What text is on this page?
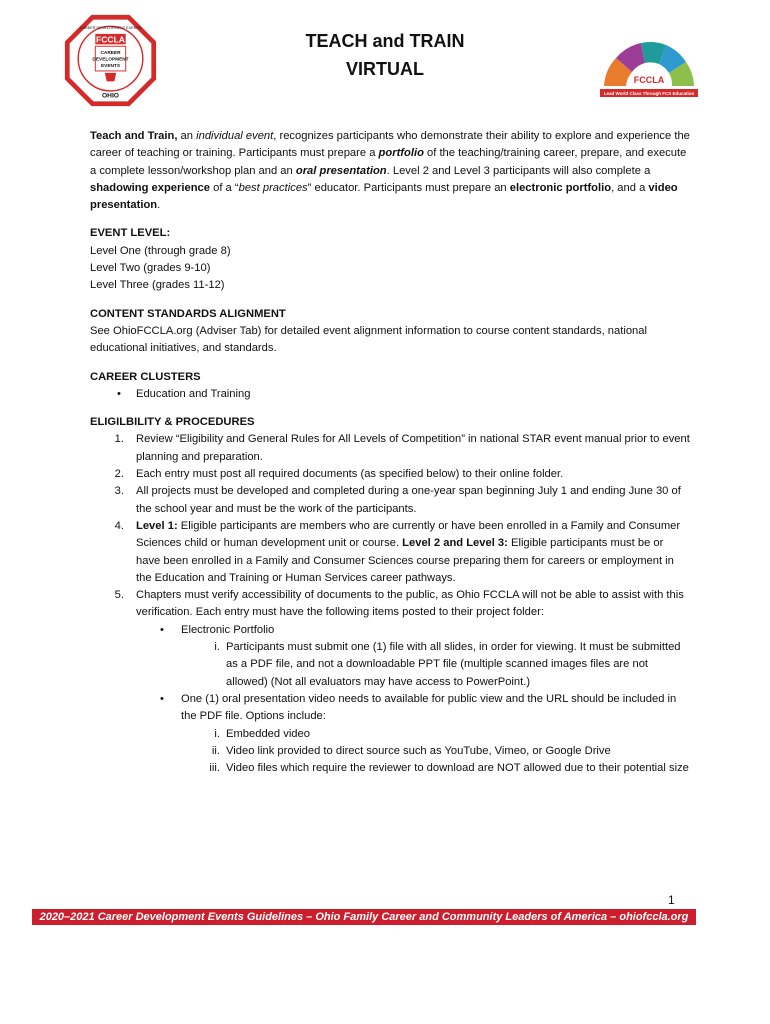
FCCLA
CAREER
DEVELOPMENT
EVENTS
OHIO
CAREER DEVELOPMENT EVENTS
TEACH and TRAIN
VIRTUAL
FCCLA
Lead World Class Through FCS Education

Teach and Train, an individual event, recognizes participants who demonstrate their ability to explore and experience the career of teaching or training. Participants must prepare a portfolio of the teaching/training career, prepare, and execute a complete lesson/workshop plan and an oral presentation. Level 2 and Level 3 participants will also complete a shadowing experience of a “best practices” educator. Participants must prepare an electronic portfolio, and a video presentation.

EVENT LEVEL:

Level One (through grade 8)

Level Two (grades 9-10)

Level Three (grades 11-12)

CONTENT STANDARDS ALIGNMENT

See OhioFCCLA.org (Adviser Tab) for detailed event alignment information to course content standards, national educational initiatives, and standards.

CAREER CLUSTERS

• Education and Training

ELIGILBILITY & PROCEDURES

1. Review “Eligibility and General Rules for All Levels of Competition” in national STAR event manual prior to event planning and preparation.
2. Each entry must post all required documents (as specified below) to their online folder.
3. All projects must be developed and completed during a one-year span beginning July 1 and ending June 30 of the school year and must be the work of the participants.
4. Level 1: Eligible participants are members who are currently or have been enrolled in a Family and Consumer Sciences child or human development unit or course. Level 2 and Level 3: Eligible participants must be or have been enrolled in a Family and Consumer Sciences course preparing them for careers or employment in the Education and Training or Human Services career pathways.
5. Chapters must verify accessibility of documents to the public, as Ohio FCCLA will not be able to assist with this verification. Each entry must have the following items posted to their project folder:
• Electronic Portfolio
i. Participants must submit one (1) file with all slides, in order for viewing. It must be submitted as a PDF file, and not a downloadable PPT file (multiple scanned images files are not allowed) (Not all evaluators may have access to PowerPoint.)
• One (1) oral presentation video needs to available for public view and the URL should be included in the PDF file. Options include:
i. Embedded video
ii. Video link provided to direct source such as YouTube, Vimeo, or Google Drive
iii. Video files which require the reviewer to download are NOT allowed due to their potential size
1
2020–2021 Career Development Events Guidelines – Ohio Family Career and Community Leaders of America – ohiofccla.org
